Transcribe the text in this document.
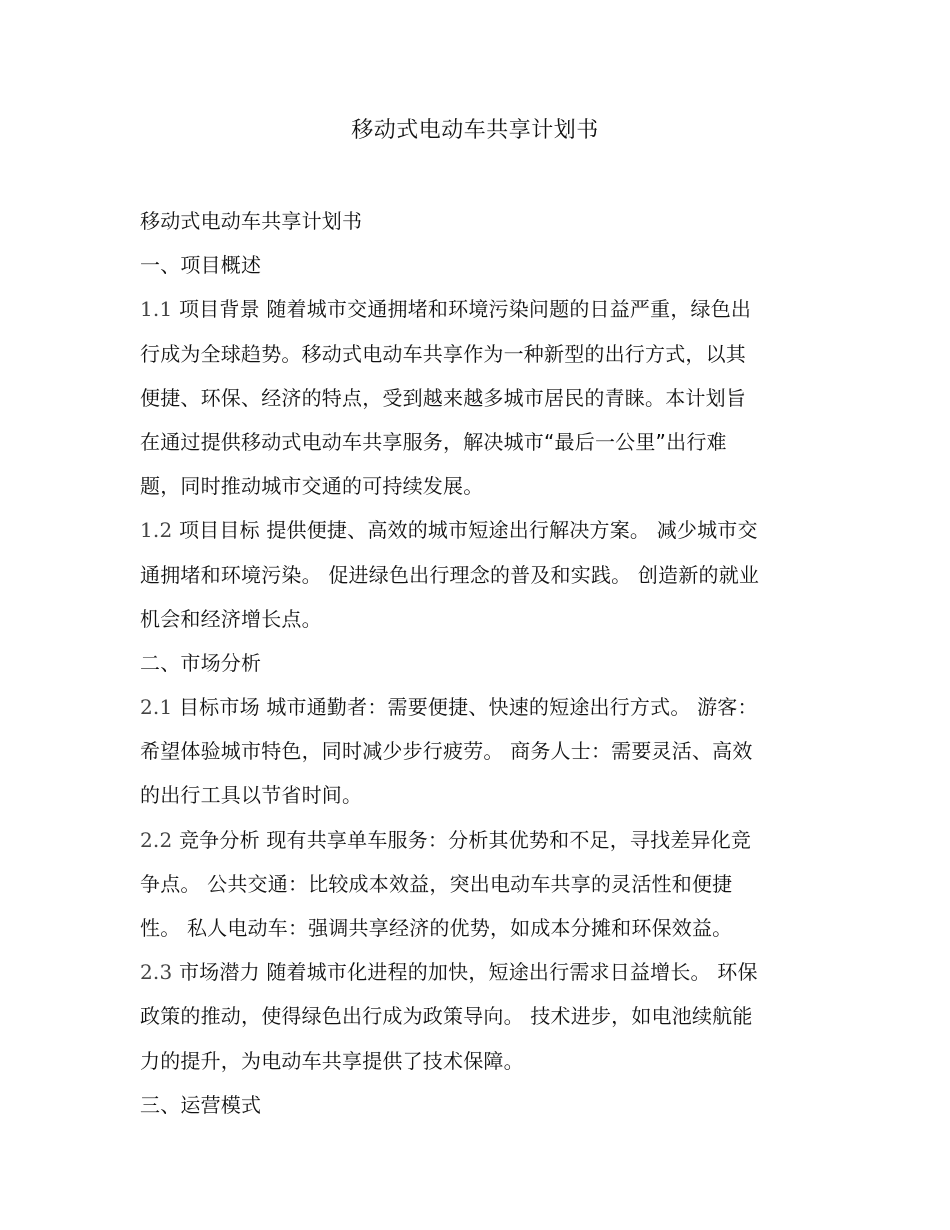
移动式电动车共享计划书
移动式电动车共享计划书
一、项目概述
1.1 项目背景 随着城市交通拥堵和环境污染问题的日益严重，绿色出
行成为全球趋势。移动式电动车共享作为一种新型的出行方式，以其
便捷、环保、经济的特点，受到越来越多城市居民的青睐。本计划旨
在通过提供移动式电动车共享服务，解决城市“最后一公里”出行难
题，同时推动城市交通的可持续发展。
1.2 项目目标 提供便捷、高效的城市短途出行解决方案。 减少城市交
通拥堵和环境污染。 促进绿色出行理念的普及和实践。 创造新的就业
机会和经济增长点。
二、市场分析
2.1 目标市场 城市通勤者：需要便捷、快速的短途出行方式。 游客：
希望体验城市特色，同时减少步行疲劳。 商务人士：需要灵活、高效
的出行工具以节省时间。
2.2 竞争分析 现有共享单车服务：分析其优势和不足，寻找差异化竞
争点。 公共交通：比较成本效益，突出电动车共享的灵活性和便捷
性。 私人电动车：强调共享经济的优势，如成本分摊和环保效益。
2.3 市场潜力 随着城市化进程的加快，短途出行需求日益增长。 环保
政策的推动，使得绿色出行成为政策导向。 技术进步，如电池续航能
力的提升，为电动车共享提供了技术保障。
三、运营模式
